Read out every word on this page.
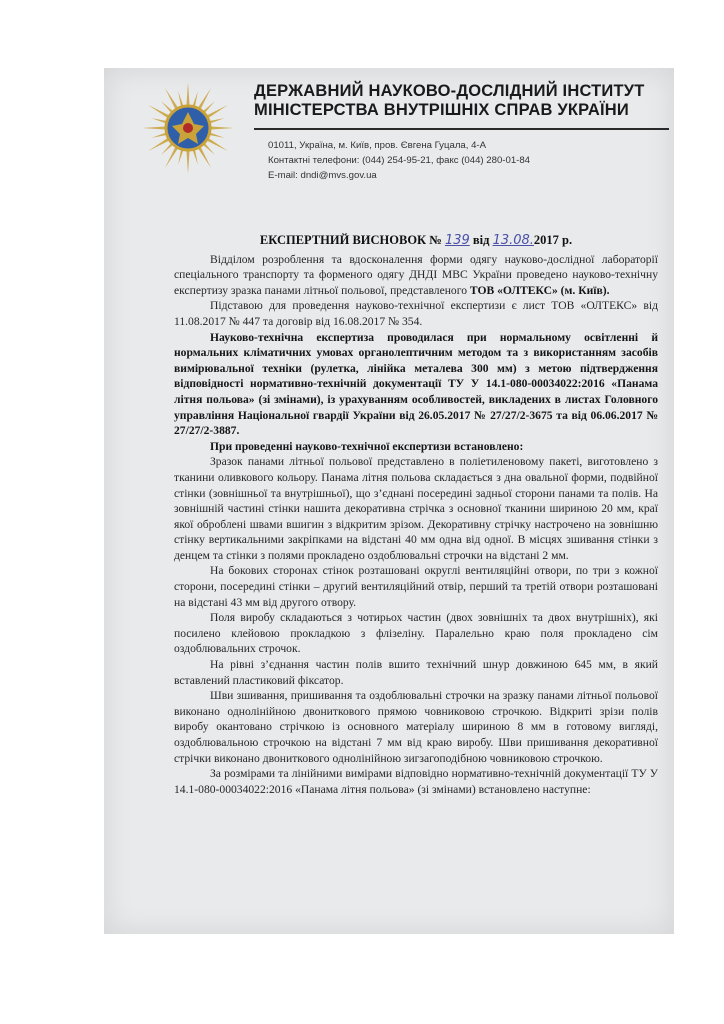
ДЕРЖАВНИЙ НАУКОВО-ДОСЛІДНИЙ ІНСТИТУТ
МІНІСТЕРСТВА ВНУТРІШНІХ СПРАВ УКРАЇНИ
01011, Україна, м. Київ, пров. Євгена Гуцала, 4-А
Контактні телефони: (044) 254-95-21, факс (044) 280-01-84
E-mail: dndi@mvs.gov.ua
ЕКСПЕРТНИЙ ВИСНОВОК № 139 від 13.08.2017 р.

Відділом розроблення та вдосконалення форми одягу науково-дослідної лабораторії спеціального транспорту та форменого одягу ДНДІ МВС України проведено науково-технічну експертизу зразка панами літньої польової, представленого ТОВ «ОЛТЕКС» (м. Київ).

Підставою для проведення науково-технічної експертизи є лист ТОВ «ОЛТЕКС» від 11.08.2017 № 447 та договір від 16.08.2017 № 354.

Науково-технічна експертиза проводилася при нормальному освітленні й нормальних кліматичних умовах органолептичним методом та з використанням засобів вимірювальної техніки (рулетка, лінійка металева 300 мм) з метою підтвердження відповідності нормативно-технічній документації ТУ У 14.1-080-00034022:2016 «Панама літня польова» (зі змінами), із урахуванням особливостей, викладених в листах Головного управління Національної гвардії України від 26.05.2017 № 27/27/2-3675 та від 06.06.2017 № 27/27/2-3887.

При проведенні науково-технічної експертизи встановлено:

Зразок панами літньої польової представлено в поліетиленовому пакеті, виготовлено з тканини оливкового кольору. Панама літня польова складається з дна овальної форми, подвійної стінки (зовнішньої та внутрішньої), що з’єднані посередині задньої сторони панами та полів. На зовнішній частині стінки нашита декоративна стрічка з основної тканини шириною 20 мм, краї якої оброблені швами вшигин з відкритим зрізом. Декоративну стрічку настрочено на зовнішню стінку вертикальними закріпками на відстані 40 мм одна від одної. В місцях зшивання стінки з денцем та стінки з полями прокладено оздоблювальні строчки на відстані 2 мм.

На бокових сторонах стінок розташовані округлі вентиляційні отвори, по три з кожної сторони, посередині стінки – другий вентиляційний отвір, перший та третій отвори розташовані на відстані 43 мм від другого отвору.

Поля виробу складаються з чотирьох частин (двох зовнішніх та двох внутрішніх), які посилено клейовою прокладкою з флізеліну. Паралельно краю поля прокладено сім оздоблювальних строчок.

На рівні з’єднання частин полів вшито технічний шнур довжиною 645 мм, в який вставлений пластиковий фіксатор.

Шви зшивання, пришивання та оздоблювальні строчки на зразку панами літньої польової виконано однолінійною двониткового прямою човниковою строчкою. Відкриті зрізи полів виробу окантовано стрічкою із основного матеріалу шириною 8 мм в готовому вигляді, оздоблювальною строчкою на відстані 7 мм від краю виробу. Шви пришивання декоративної стрічки виконано двониткового однолінійною зигзагоподібною човниковою строчкою.

За розмірами та лінійними вимірами відповідно нормативно-технічній документації ТУ У 14.1-080-00034022:2016 «Панама літня польова» (зі змінами) встановлено наступне:
